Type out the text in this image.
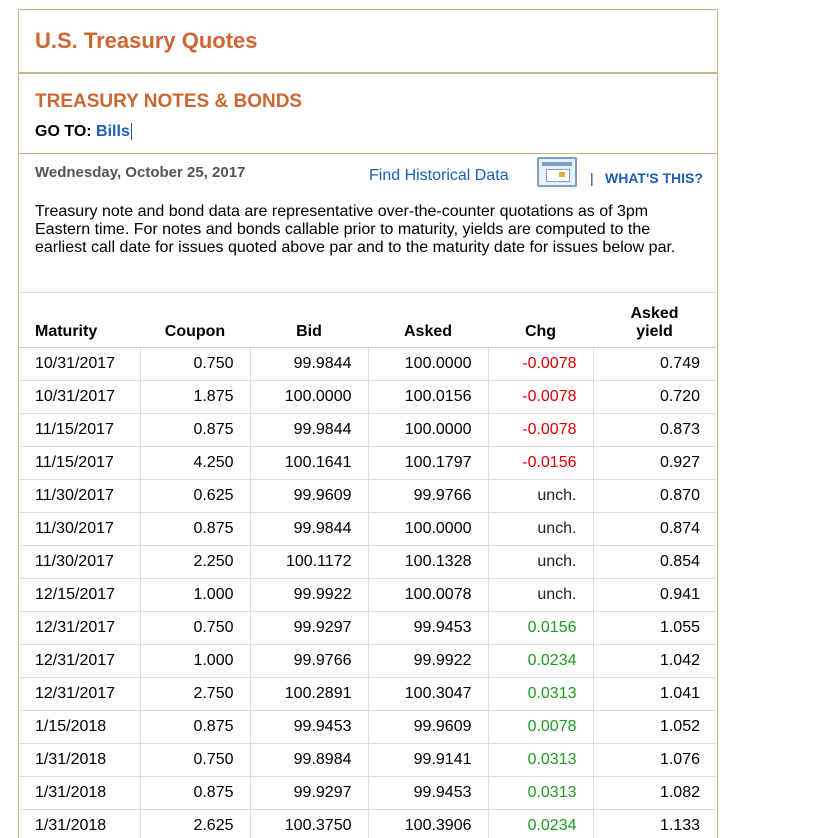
U.S. Treasury Quotes
TREASURY NOTES & BONDS
GO TO: Bills
Wednesday, October 25, 2017	Find Historical Data	| WHAT'S THIS?
Treasury note and bond data are representative over-the-counter quotations as of 3pm Eastern time. For notes and bonds callable prior to maturity, yields are computed to the earliest call date for issues quoted above par and to the maturity date for issues below par.
Maturity	Coupon	Bid	Asked	Chg	Asked
yield
10/31/2017	0.750	99.9844	100.0000	-0.0078	0.749
10/31/2017	1.875	100.0000	100.0156	-0.0078	0.720
11/15/2017	0.875	99.9844	100.0000	-0.0078	0.873
11/15/2017	4.250	100.1641	100.1797	-0.0156	0.927
11/30/2017	0.625	99.9609	99.9766	unch.	0.870
11/30/2017	0.875	99.9844	100.0000	unch.	0.874
11/30/2017	2.250	100.1172	100.1328	unch.	0.854
12/15/2017	1.000	99.9922	100.0078	unch.	0.941
12/31/2017	0.750	99.9297	99.9453	0.0156	1.055
12/31/2017	1.000	99.9766	99.9922	0.0234	1.042
12/31/2017	2.750	100.2891	100.3047	0.0313	1.041
1/15/2018	0.875	99.9453	99.9609	0.0078	1.052
1/31/2018	0.750	99.8984	99.9141	0.0313	1.076
1/31/2018	0.875	99.9297	99.9453	0.0313	1.082
1/31/2018	2.625	100.3750	100.3906	0.0234	1.133
